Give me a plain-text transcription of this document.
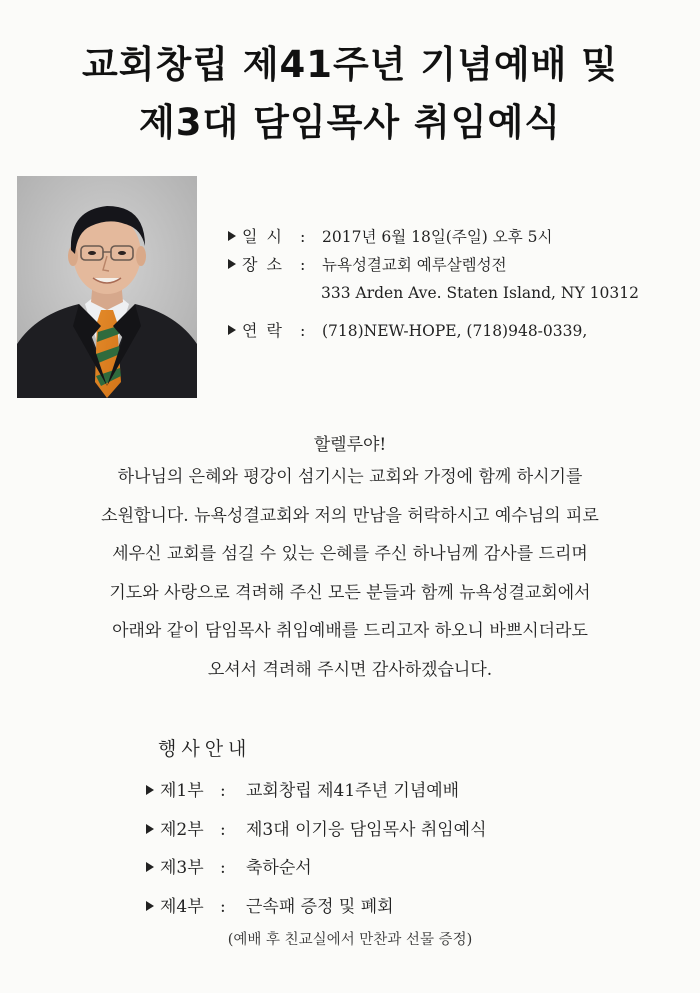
교회창립 제41주년 기념예배 및
제3대 담임목사 취임예식
일 시	:	2017년 6월 18일(주일) 오후 5시
장 소	:	뉴욕성결교회 예루살렘성전
333 Arden Ave. Staten Island, NY 10312
연 락	:	(718)NEW-HOPE, (718)948-0339,
할렐루야!
하나님의 은혜와 평강이 섬기시는 교회와 가정에 함께 하시기를
소원합니다. 뉴욕성결교회와 저의 만남을 허락하시고 예수님의 피로
세우신 교회를 섬길 수 있는 은혜를 주신 하나님께 감사를 드리며
기도와 사랑으로 격려해 주신 모든 분들과 함께 뉴욕성결교회에서
아래와 같이 담임목사 취임예배를 드리고자 하오니 바쁘시더라도
오셔서 격려해 주시면 감사하겠습니다.
행사안내
제1부 :	교회창립 제41주년 기념예배
제2부 :	제3대 이기응 담임목사 취임예식
제3부 :	축하순서
제4부 :	근속패 증정 및 폐회
(예배 후 친교실에서 만찬과 선물 증정)
